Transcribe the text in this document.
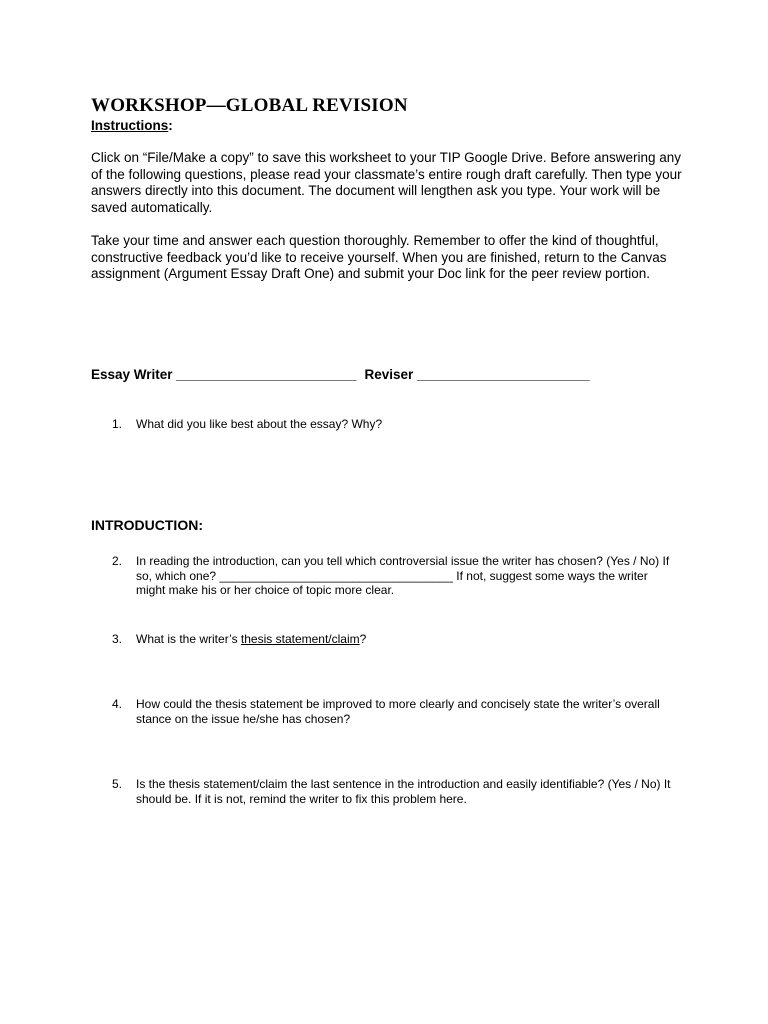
WORKSHOP—GLOBAL REVISION

Instructions:

Click on “File/Make a copy” to save this worksheet to your TIP Google Drive. Before answering any of the following questions, please read your classmate’s entire rough draft carefully. Then type your answers directly into this document. The document will lengthen ask you type. Your work will be saved automatically.

Take your time and answer each question thoroughly. Remember to offer the kind of thoughtful, constructive feedback you’d like to receive yourself. When you are finished, return to the Canvas assignment (Argument Essay Draft One) and submit your Doc link for the peer review portion.

Essay Writer ________________________ Reviser _______________________
1. What did you like best about the essay? Why?
INTRODUCTION:
2. In reading the introduction, can you tell which controversial issue the writer has chosen? (Yes / No) If so, which one? ___________________________________ If not, suggest some ways the writer might make his or her choice of topic more clear.
3. What is the writer’s thesis statement/claim?
4. How could the thesis statement be improved to more clearly and concisely state the writer’s overall stance on the issue he/she has chosen?
5. Is the thesis statement/claim the last sentence in the introduction and easily identifiable? (Yes / No) It should be. If it is not, remind the writer to fix this problem here.
